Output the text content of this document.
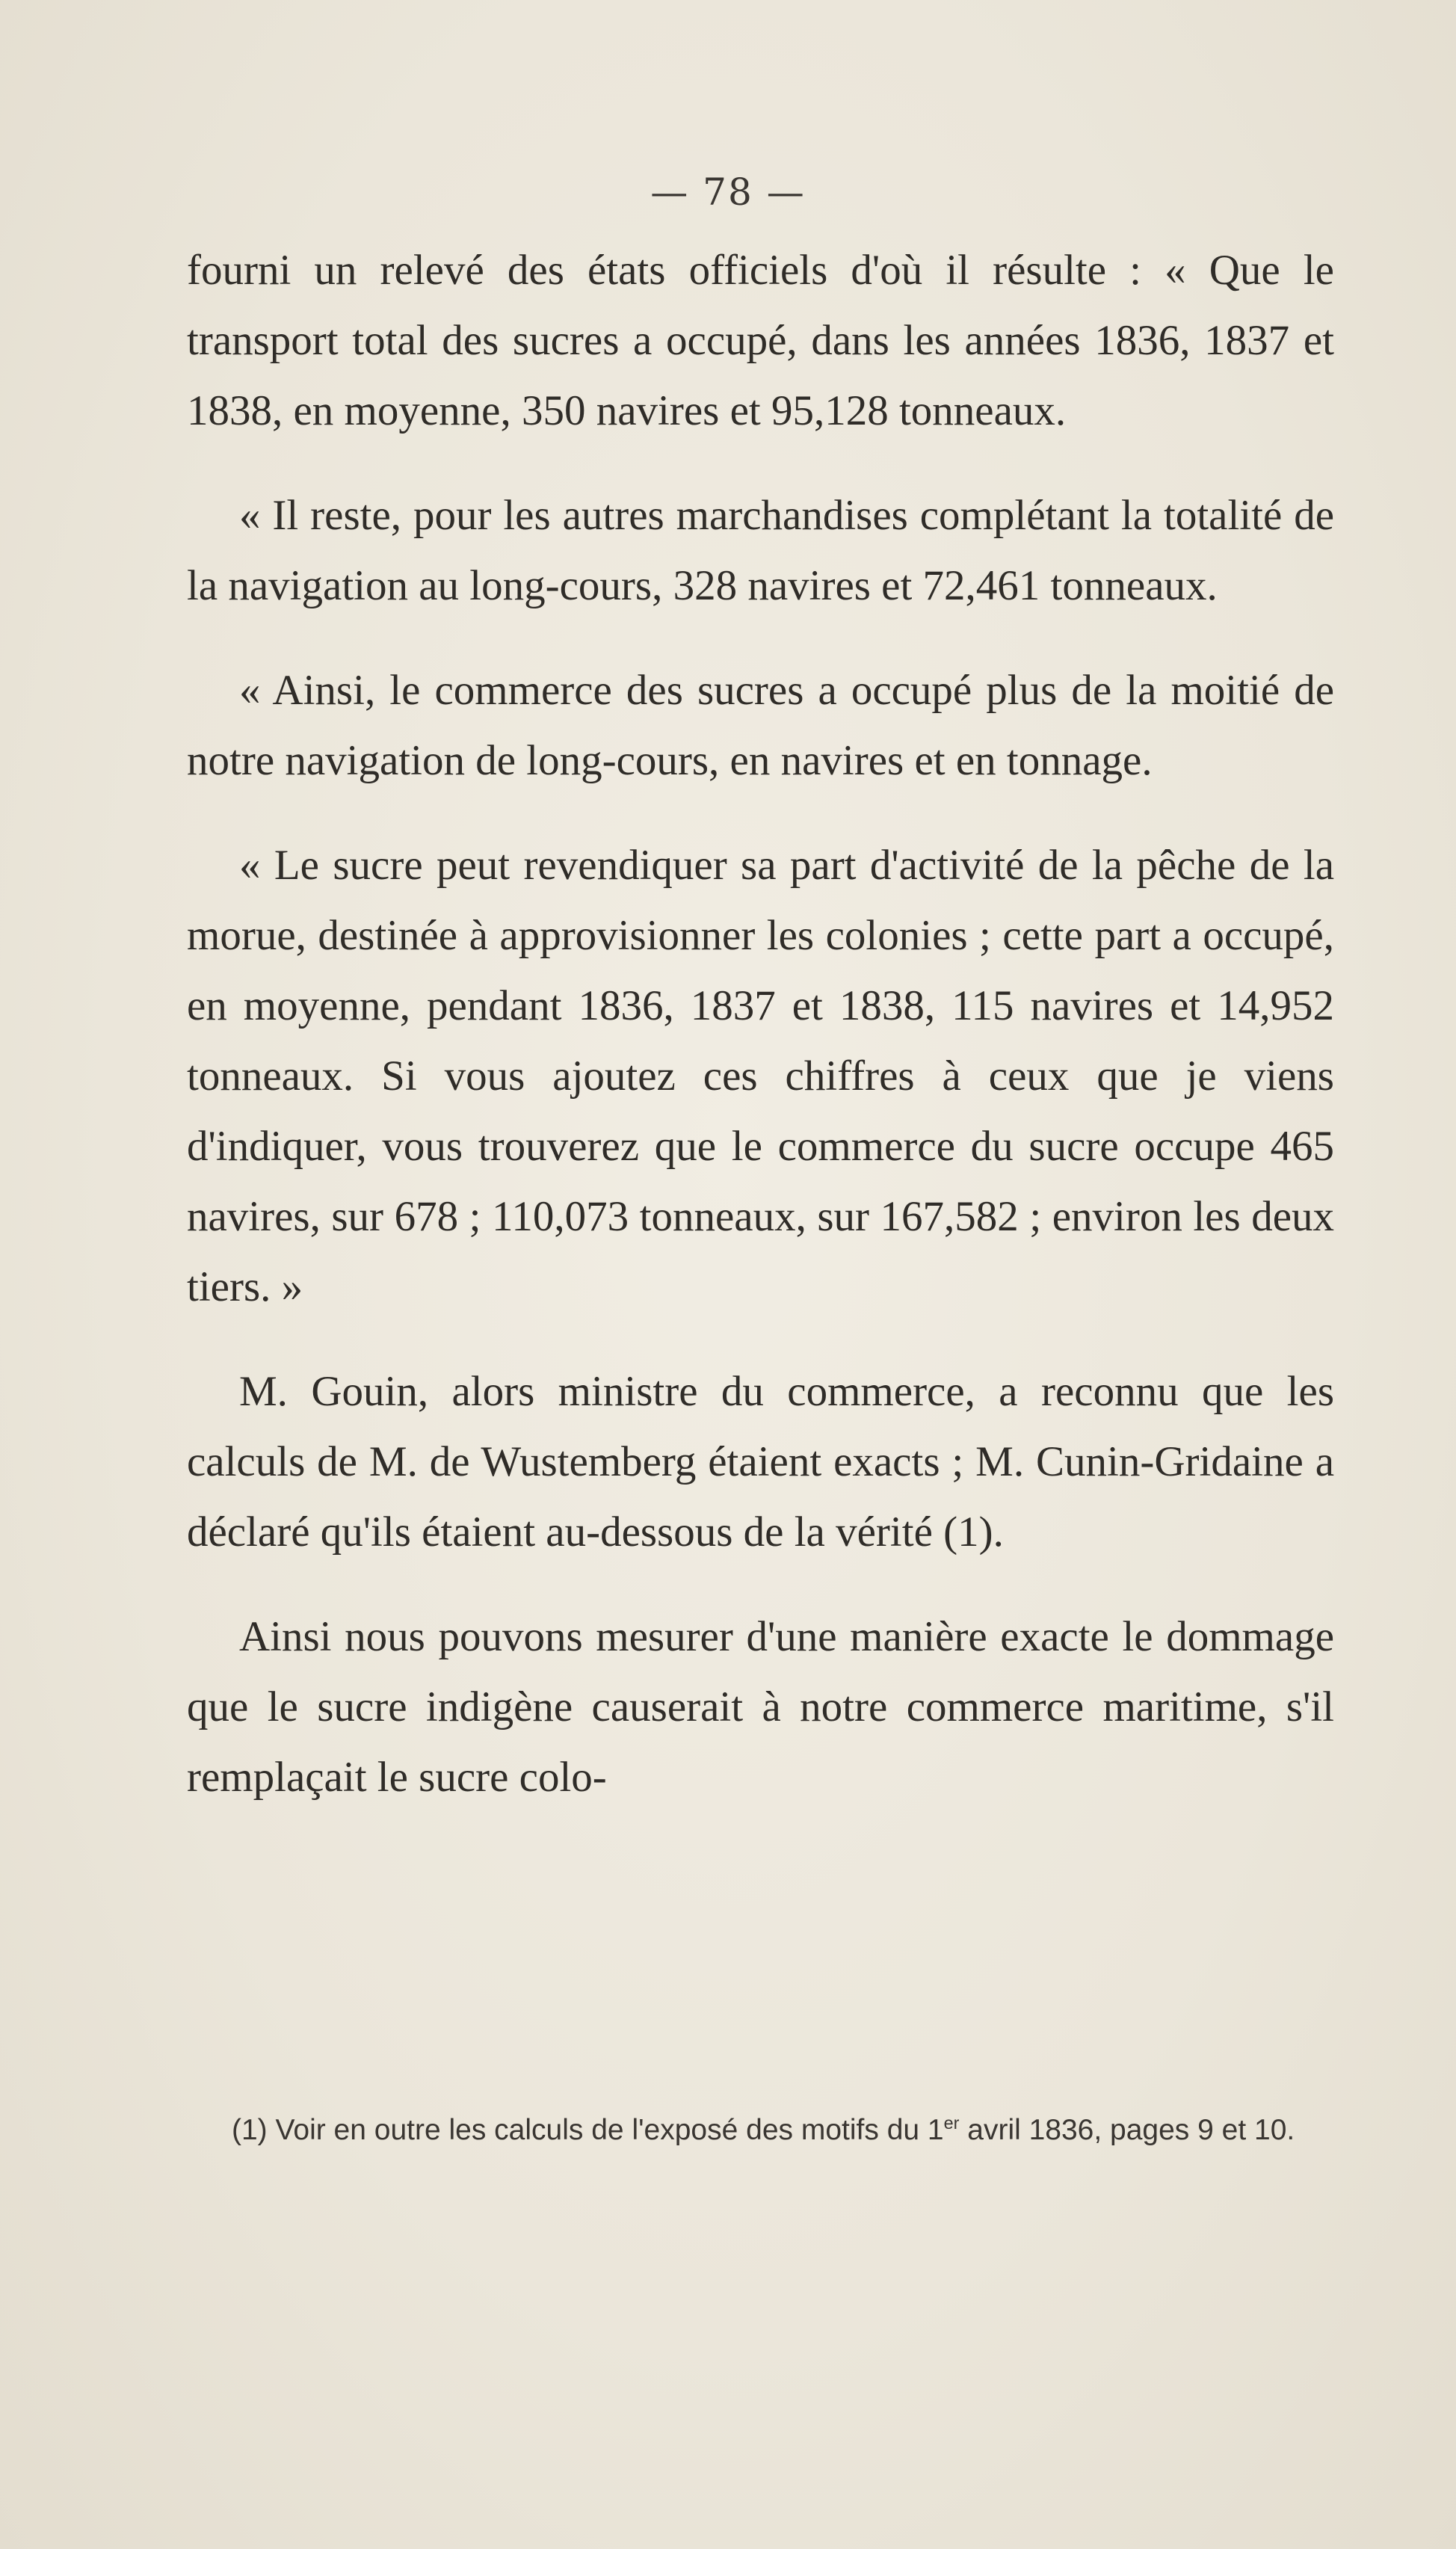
— 78 —

fourni un relevé des états officiels d'où il résulte : « Que le transport total des sucres a occupé, dans les années 1836, 1837 et 1838, en moyenne, 350 navires et 95,128 tonneaux.

« Il reste, pour les autres marchandises complétant la totalité de la navigation au long-cours, 328 navires et 72,461 tonneaux.

« Ainsi, le commerce des sucres a occupé plus de la moitié de notre navigation de long-cours, en navires et en tonnage.

« Le sucre peut revendiquer sa part d'activité de la pêche de la morue, destinée à approvisionner les colonies ; cette part a occupé, en moyenne, pendant 1836, 1837 et 1838, 115 navires et 14,952 tonneaux. Si vous ajoutez ces chiffres à ceux que je viens d'indiquer, vous trouverez que le commerce du sucre occupe 465 navires, sur 678 ; 110,073 tonneaux, sur 167,582 ; environ les deux tiers. »

M. Gouin, alors ministre du commerce, a reconnu que les calculs de M. de Wustemberg étaient exacts ; M. Cunin-Gridaine a déclaré qu'ils étaient au-dessous de la vérité (1).

Ainsi nous pouvons mesurer d'une manière exacte le dommage que le sucre indigène causerait à notre commerce maritime, s'il remplaçait le sucre colo-

(1) Voir en outre les calculs de l'exposé des motifs du 1er avril 1836, pages 9 et 10.
